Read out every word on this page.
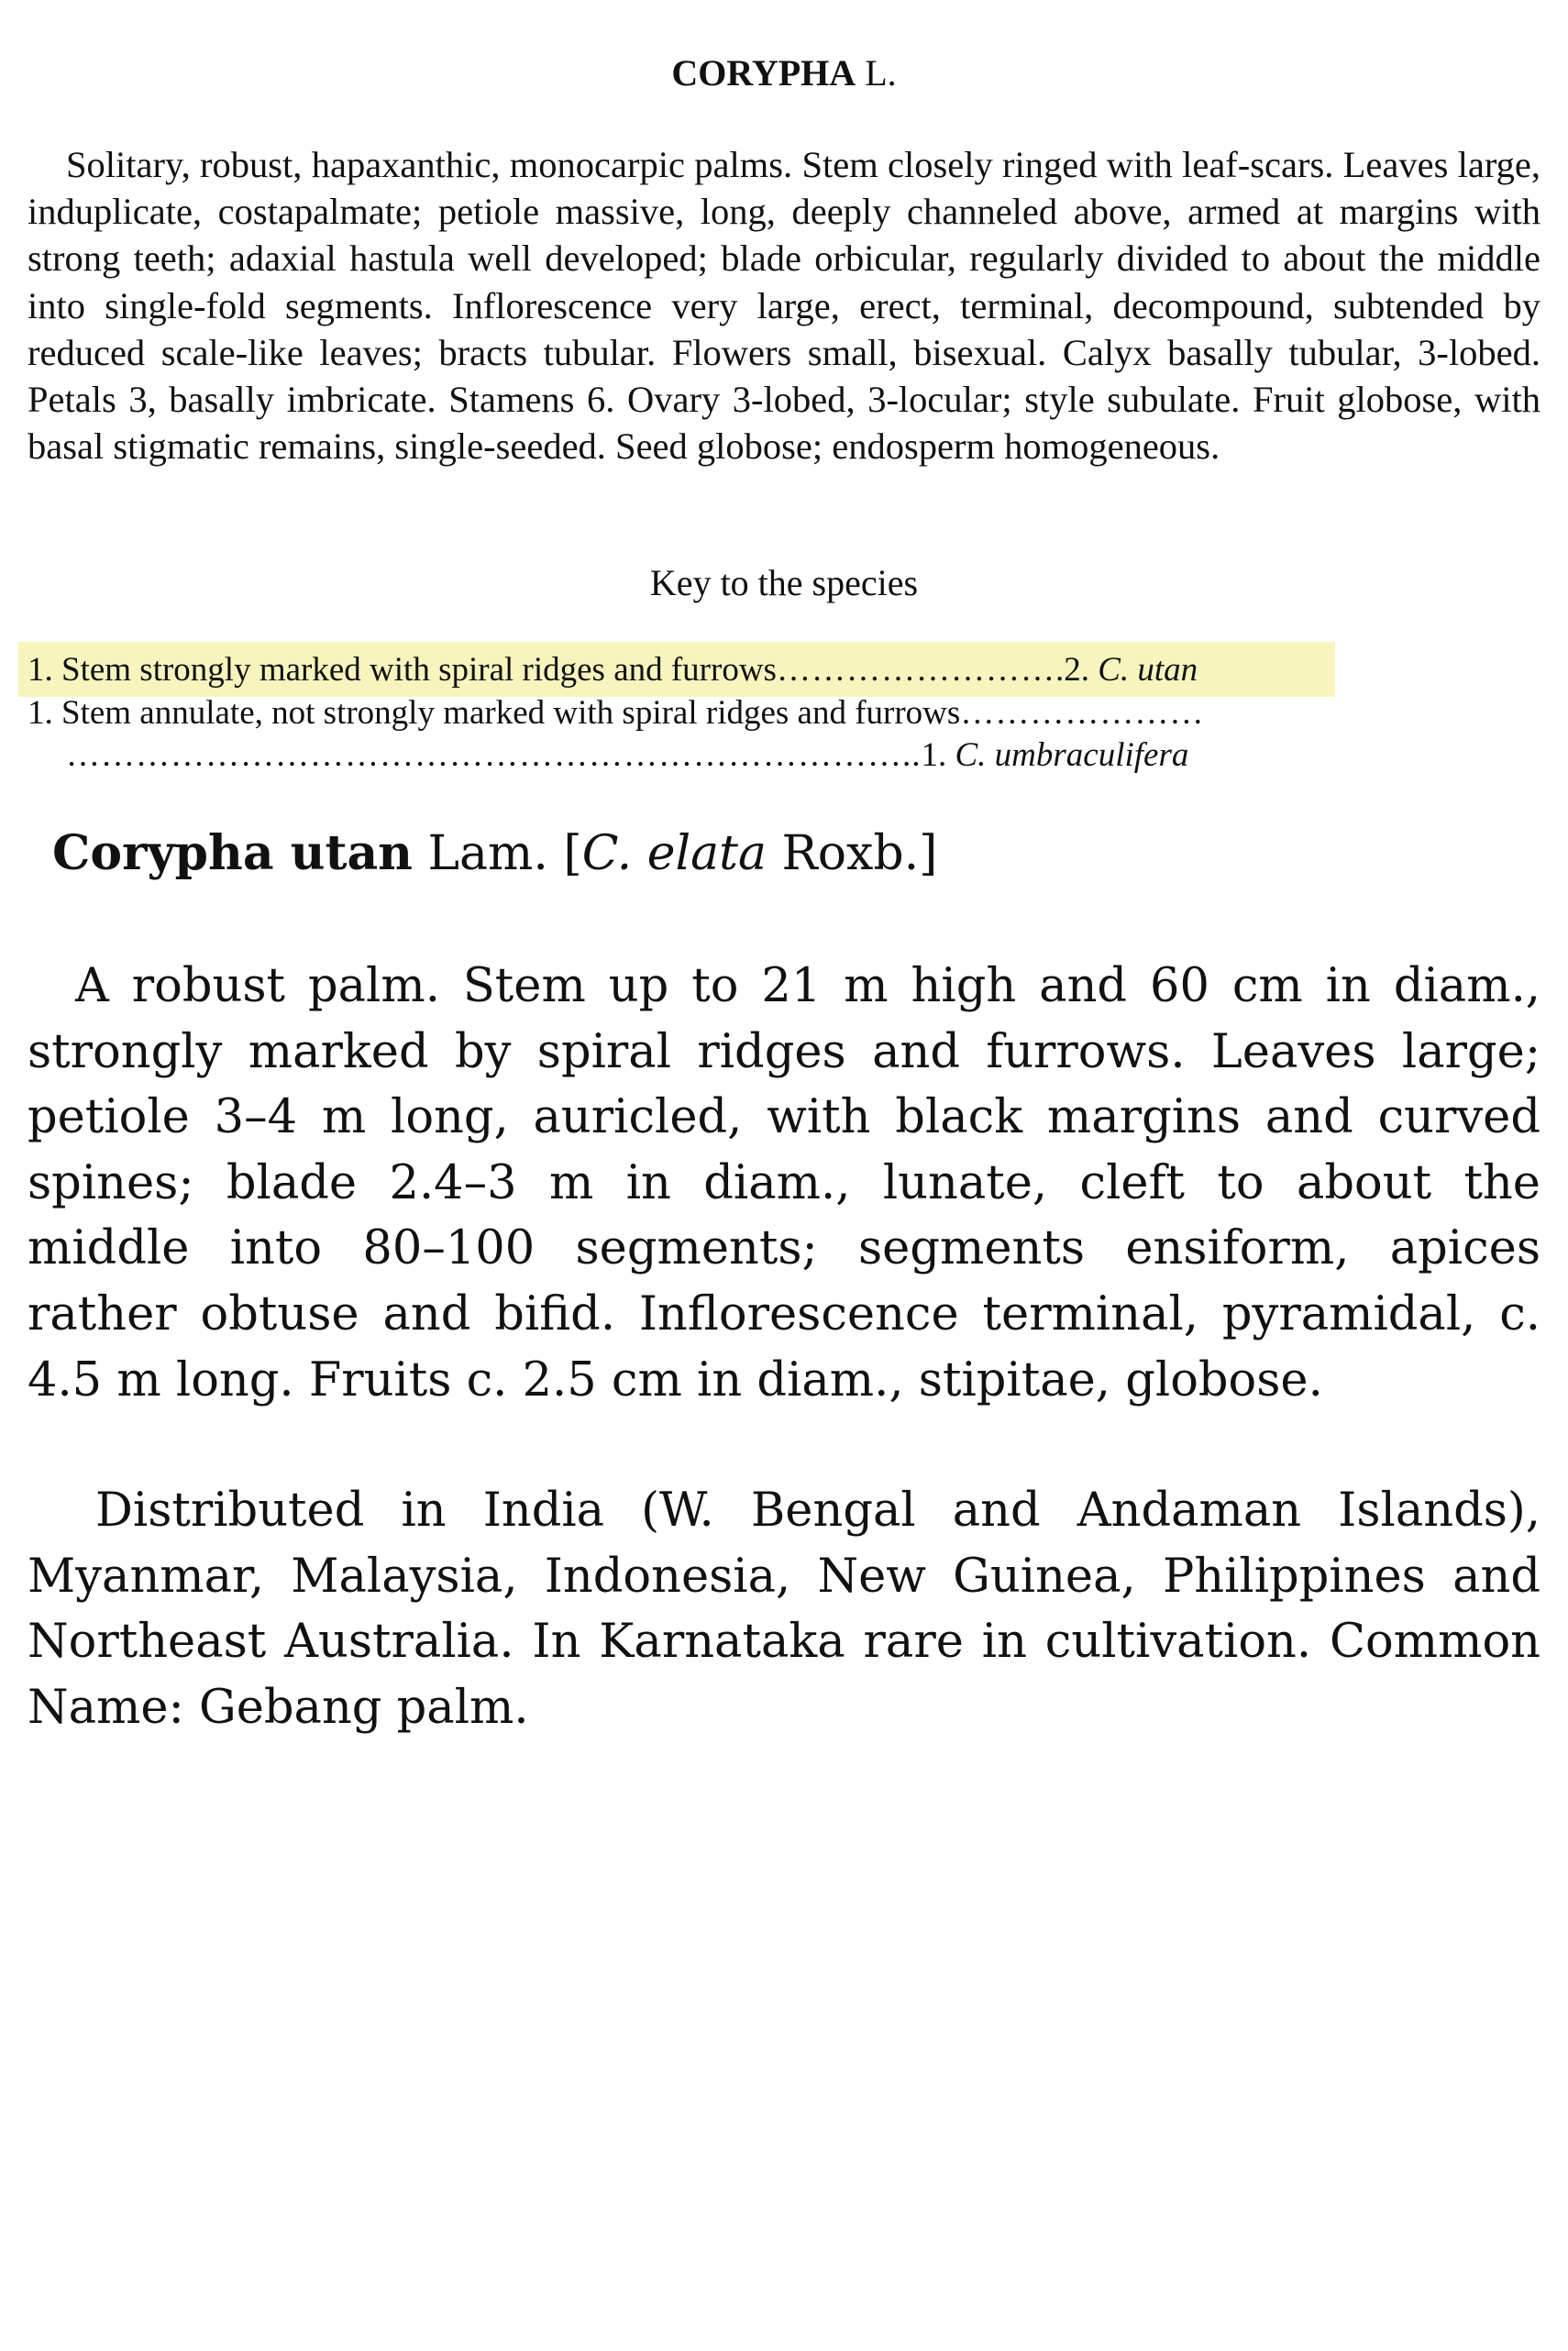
CORYPHA L.

Solitary, robust, hapaxanthic, monocarpic palms. Stem closely ringed with leaf-scars. Leaves large, induplicate, costapalmate; petiole massive, long, deeply channeled above, armed at margins with strong teeth; adaxial hastula well developed; blade orbicular, regularly divided to about the middle into single-fold segments. Inflorescence very large, erect, terminal, decompound, subtended by reduced scale-like leaves; bracts tubular. Flowers small, bisexual. Calyx basally tubular, 3-lobed. Petals 3, basally imbricate. Stamens 6. Ovary 3-lobed, 3-locular; style subulate. Fruit globose, with basal stigmatic remains, single-seeded. Seed globose; endosperm homogeneous.

Key to the species
1. Stem strongly marked with spiral ridges and furrows…………………….2. C. utan
1. Stem annulate, not strongly marked with spiral ridges and furrows…………………
………………………………………………………………..1. C. umbraculifera
Corypha utan Lam. [C. elata Roxb.]

A robust palm. Stem up to 21 m high and 60 cm in diam., strongly marked by spiral ridges and furrows. Leaves large; petiole 3–4 m long, auricled, with black margins and curved spines; blade 2.4–3 m in diam., lunate, cleft to about the middle into 80–100 segments; segments ensiform, apices rather obtuse and bifid. Inflorescence terminal, pyramidal, c. 4.5 m long. Fruits c. 2.5 cm in diam., stipitae, globose.

Distributed in India (W. Bengal and Andaman Islands), Myanmar, Malaysia, Indonesia, New Guinea, Philippines and Northeast Australia. In Karnataka rare in cultivation. Common Name: Gebang palm.
